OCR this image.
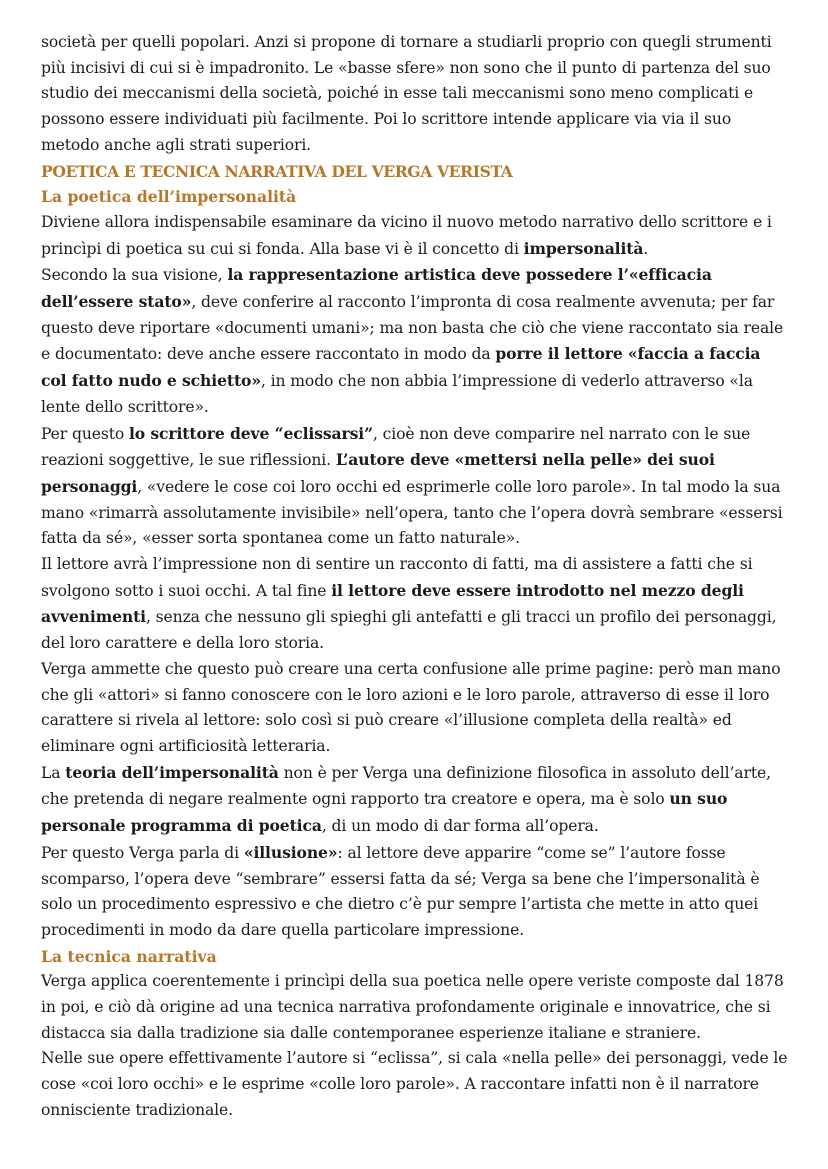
società per quelli popolari. Anzi si propone di tornare a studiarli proprio con quegli strumenti più incisivi di cui si è impadronito. Le «basse sfere» non sono che il punto di partenza del suo studio dei meccanismi della società, poiché in esse tali meccanismi sono meno complicati e possono essere individuati più facilmente. Poi lo scrittore intende applicare via via il suo metodo anche agli strati superiori.

POETICA E TECNICA NARRATIVA DEL VERGA VERISTA
La poetica dell’impersonalità

Diviene allora indispensabile esaminare da vicino il nuovo metodo narrativo dello scrittore e i princìpi di poetica su cui si fonda. Alla base vi è il concetto di impersonalità.

Secondo la sua visione, la rappresentazione artistica deve possedere l’«efficacia dell’essere stato», deve conferire al racconto l’impronta di cosa realmente avvenuta; per far questo deve riportare «documenti umani»; ma non basta che ciò che viene raccontato sia reale e documentato: deve anche essere raccontato in modo da porre il lettore «faccia a faccia col fatto nudo e schietto», in modo che non abbia l’impressione di vederlo attraverso «la lente dello scrittore».

Per questo lo scrittore deve “eclissarsi”, cioè non deve comparire nel narrato con le sue reazioni soggettive, le sue riflessioni. L’autore deve «mettersi nella pelle» dei suoi personaggi, «vedere le cose coi loro occhi ed esprimerle colle loro parole». In tal modo la sua mano «rimarrà assolutamente invisibile» nell’opera, tanto che l’opera dovrà sembrare «essersi fatta da sé», «esser sorta spontanea come un fatto naturale».

Il lettore avrà l’impressione non di sentire un racconto di fatti, ma di assistere a fatti che si svolgono sotto i suoi occhi. A tal fine il lettore deve essere introdotto nel mezzo degli avvenimenti, senza che nessuno gli spieghi gli antefatti e gli tracci un profilo dei personaggi, del loro carattere e della loro storia.

Verga ammette che questo può creare una certa confusione alle prime pagine: però man mano che gli «attori» si fanno conoscere con le loro azioni e le loro parole, attraverso di esse il loro carattere si rivela al lettore: solo così si può creare «l’illusione completa della realtà» ed eliminare ogni artificiosità letteraria.

La teoria dell’impersonalità non è per Verga una definizione filosofica in assoluto dell’arte, che pretenda di negare realmente ogni rapporto tra creatore e opera, ma è solo un suo personale programma di poetica, di un modo di dar forma all’opera.

Per questo Verga parla di «illusione»: al lettore deve apparire “come se” l’autore fosse scomparso, l’opera deve “sembrare” essersi fatta da sé; Verga sa bene che l’impersonalità è solo un procedimento espressivo e che dietro c’è pur sempre l’artista che mette in atto quei procedimenti in modo da dare quella particolare impressione.

La tecnica narrativa

Verga applica coerentemente i princìpi della sua poetica nelle opere veriste composte dal 1878 in poi, e ciò dà origine ad una tecnica narrativa profondamente originale e innovatrice, che si distacca sia dalla tradizione sia dalle contemporanee esperienze italiane e straniere.

Nelle sue opere effettivamente l’autore si “eclissa”, si cala «nella pelle» dei personaggi, vede le cose «coi loro occhi» e le esprime «colle loro parole». A raccontare infatti non è il narratore onnisciente tradizionale.
